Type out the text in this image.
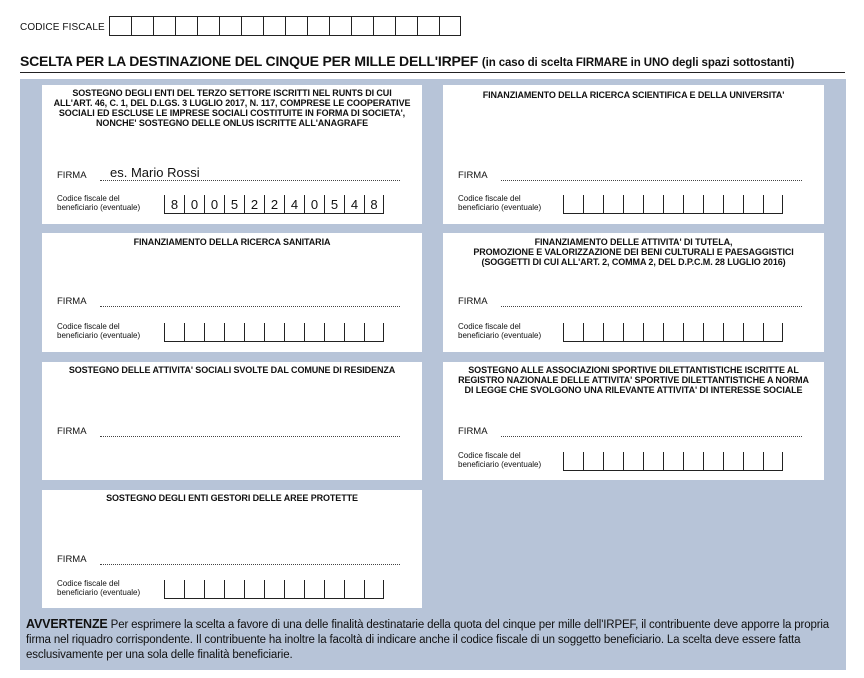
CODICE FISCALE
SCELTA PER LA DESTINAZIONE DEL CINQUE PER MILLE DELL'IRPEF (in caso di scelta FIRMARE in UNO degli spazi sottostanti)
SOSTEGNO DEGLI ENTI DEL TERZO SETTORE ISCRITTI NEL RUNTS DI CUI
ALL'ART. 46, C. 1, DEL D.LGS. 3 LUGLIO 2017, N. 117, COMPRESE LE COOPERATIVE
SOCIALI ED ESCLUSE LE IMPRESE SOCIALI COSTITUITE IN FORMA DI SOCIETA',
NONCHE' SOSTEGNO DELLE ONLUS ISCRITTE ALL'ANAGRAFE
FIRMA es. Mario Rossi
Codice fiscale del
beneficiario (eventuale)	8 0 0 5 2 2 4 0 5 4 8
FINANZIAMENTO DELLA RICERCA SCIENTIFICA E DELLA UNIVERSITA'
FIRMA
Codice fiscale del
beneficiario (eventuale)
FINANZIAMENTO DELLA RICERCA SANITARIA
FIRMA
Codice fiscale del
beneficiario (eventuale)
FINANZIAMENTO DELLE ATTIVITA' DI TUTELA,
PROMOZIONE E VALORIZZAZIONE DEI BENI CULTURALI E PAESAGGISTICI
(SOGGETTI DI CUI ALL'ART. 2, COMMA 2, DEL D.P.C.M. 28 LUGLIO 2016)
FIRMA
Codice fiscale del
beneficiario (eventuale)
SOSTEGNO DELLE ATTIVITA' SOCIALI SVOLTE DAL COMUNE DI RESIDENZA
FIRMA
SOSTEGNO ALLE ASSOCIAZIONI SPORTIVE DILETTANTISTICHE ISCRITTE AL
REGISTRO NAZIONALE DELLE ATTIVITA' SPORTIVE DILETTANTISTICHE A NORMA
DI LEGGE CHE SVOLGONO UNA RILEVANTE ATTIVITA' DI INTERESSE SOCIALE
FIRMA
Codice fiscale del
beneficiario (eventuale)
SOSTEGNO DEGLI ENTI GESTORI DELLE AREE PROTETTE
FIRMA
Codice fiscale del
beneficiario (eventuale)
AVVERTENZE Per esprimere la scelta a favore di una delle finalità destinatarie della quota del cinque per mille dell'IRPEF, il contribuente deve apporre la propria firma nel riquadro corrispondente. Il contribuente ha inoltre la facoltà di indicare anche il codice fiscale di un soggetto beneficiario. La scelta deve essere fatta esclusivamente per una sola delle finalità beneficiarie.
